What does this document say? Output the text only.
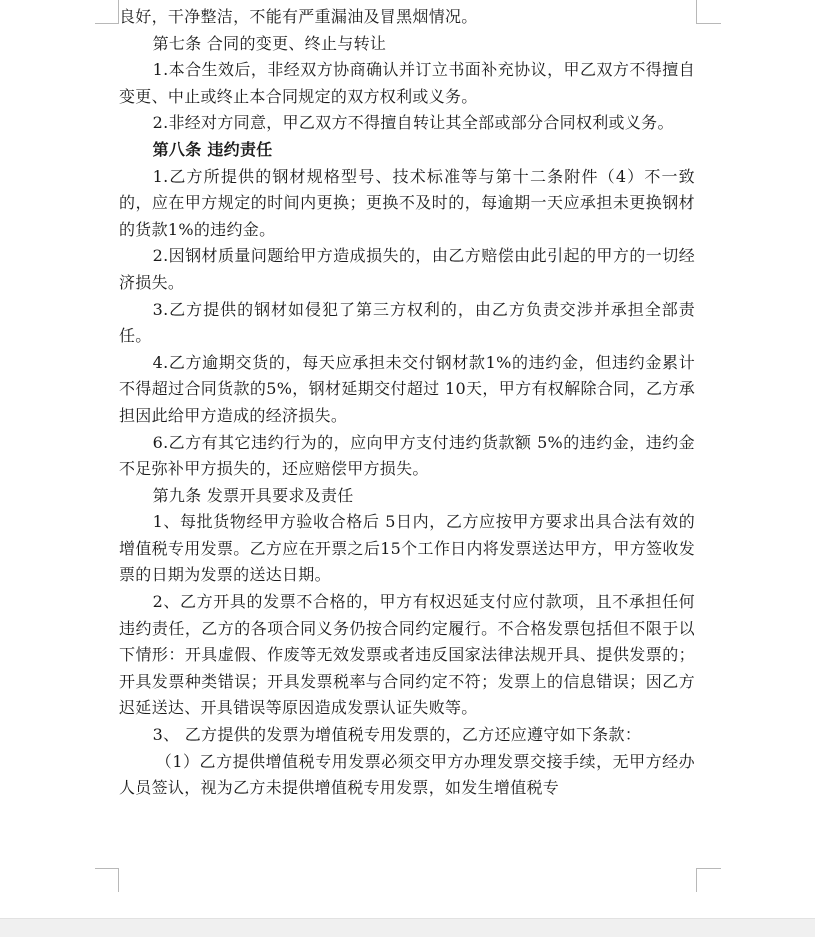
良好，干净整洁，不能有严重漏油及冒黑烟情况。

第七条 合同的变更、终止与转让

1.本合生效后，非经双方协商确认并订立书面补充协议，甲乙双方不得擅自变更、中止或终止本合同规定的双方权利或义务。

2.非经对方同意，甲乙双方不得擅自转让其全部或部分合同权利或义务。

第八条 违约责任

1.乙方所提供的钢材规格型号、技术标准等与第十二条附件（4）不一致的，应在甲方规定的时间内更换；更换不及时的，每逾期一天应承担未更换钢材的货款1%的违约金。

2.因钢材质量问题给甲方造成损失的，由乙方赔偿由此引起的甲方的一切经济损失。

3.乙方提供的钢材如侵犯了第三方权利的，由乙方负责交涉并承担全部责任。

4.乙方逾期交货的，每天应承担未交付钢材款1%的违约金，但违约金累计不得超过合同货款的5%，钢材延期交付超过 10天，甲方有权解除合同，乙方承担因此给甲方造成的经济损失。

6.乙方有其它违约行为的，应向甲方支付违约货款额 5%的违约金，违约金不足弥补甲方损失的，还应赔偿甲方损失。

第九条 发票开具要求及责任

1、每批货物经甲方验收合格后 5日内，乙方应按甲方要求出具合法有效的增值税专用发票。乙方应在开票之后15个工作日内将发票送达甲方，甲方签收发票的日期为发票的送达日期。

2、乙方开具的发票不合格的，甲方有权迟延支付应付款项，且不承担任何违约责任，乙方的各项合同义务仍按合同约定履行。不合格发票包括但不限于以下情形：开具虚假、作废等无效发票或者违反国家法律法规开具、提供发票的；开具发票种类错误；开具发票税率与合同约定不符；发票上的信息错误；因乙方迟延送达、开具错误等原因造成发票认证失败等。

3、 乙方提供的发票为增值税专用发票的，乙方还应遵守如下条款：

（1）乙方提供增值税专用发票必须交甲方办理发票交接手续，无甲方经办人员签认，视为乙方未提供增值税专用发票，如发生增值税专
